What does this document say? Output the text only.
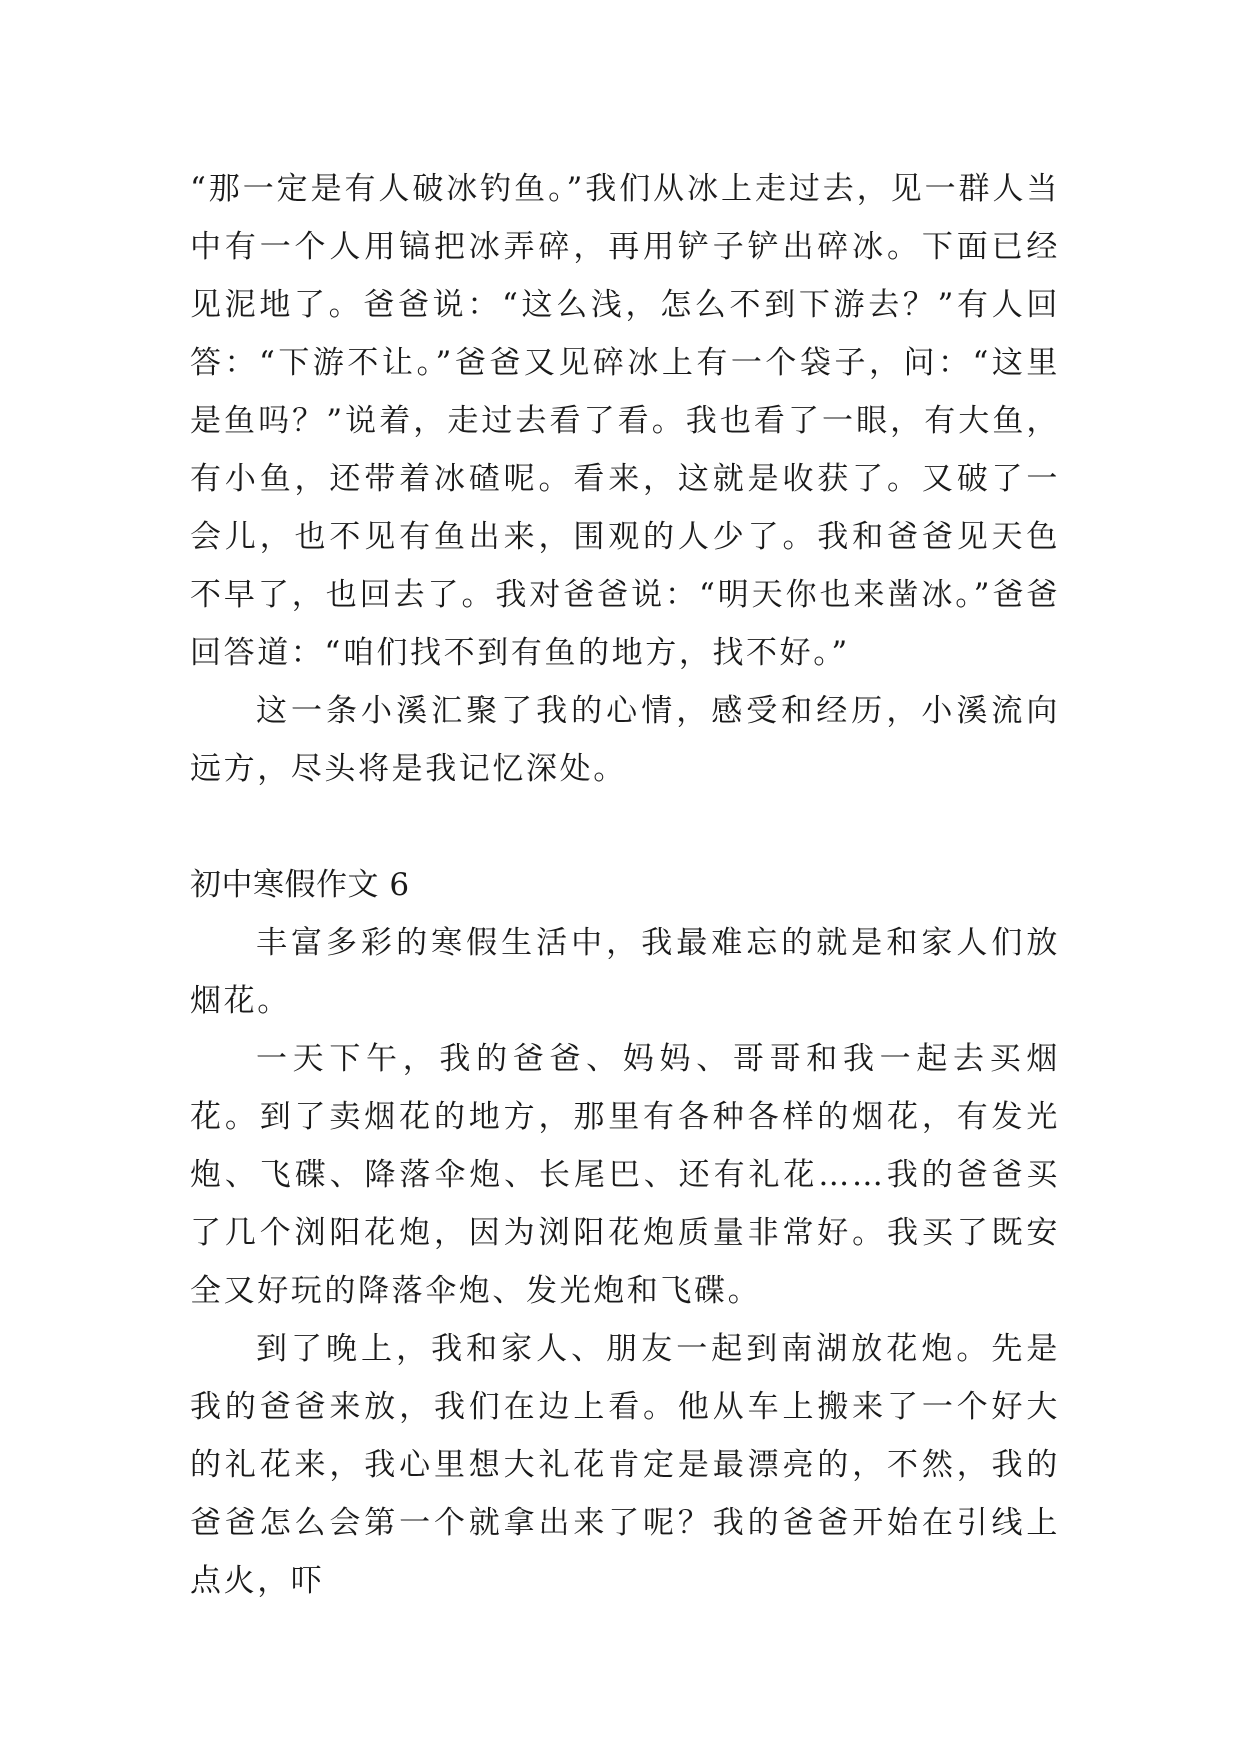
“那一定是有人破冰钓鱼。”我们从冰上走过去，见一群人当中有一个人用镐把冰弄碎，再用铲子铲出碎冰。下面已经见泥地了。爸爸说：“这么浅，怎么不到下游去？”有人回答：“下游不让。”爸爸又见碎冰上有一个袋子，问：“这里是鱼吗？”说着，走过去看了看。我也看了一眼，有大鱼，有小鱼，还带着冰碴呢。看来，这就是收获了。又破了一会儿，也不见有鱼出来，围观的人少了。我和爸爸见天色不早了，也回去了。我对爸爸说：“明天你也来凿冰。”爸爸回答道：“咱们找不到有鱼的地方，找不好。”

这一条小溪汇聚了我的心情，感受和经历，小溪流向远方，尽头将是我记忆深处。

初中寒假作文 6

丰富多彩的寒假生活中，我最难忘的就是和家人们放烟花。

一天下午，我的爸爸、妈妈、哥哥和我一起去买烟花。到了卖烟花的地方，那里有各种各样的烟花，有发光炮、飞碟、降落伞炮、长尾巴、还有礼花……我的爸爸买了几个浏阳花炮，因为浏阳花炮质量非常好。我买了既安全又好玩的降落伞炮、发光炮和飞碟。

到了晚上，我和家人、朋友一起到南湖放花炮。先是我的爸爸来放，我们在边上看。他从车上搬来了一个好大的礼花来，我心里想大礼花肯定是最漂亮的，不然，我的爸爸怎么会第一个就拿出来了呢？我的爸爸开始在引线上点火，吓
